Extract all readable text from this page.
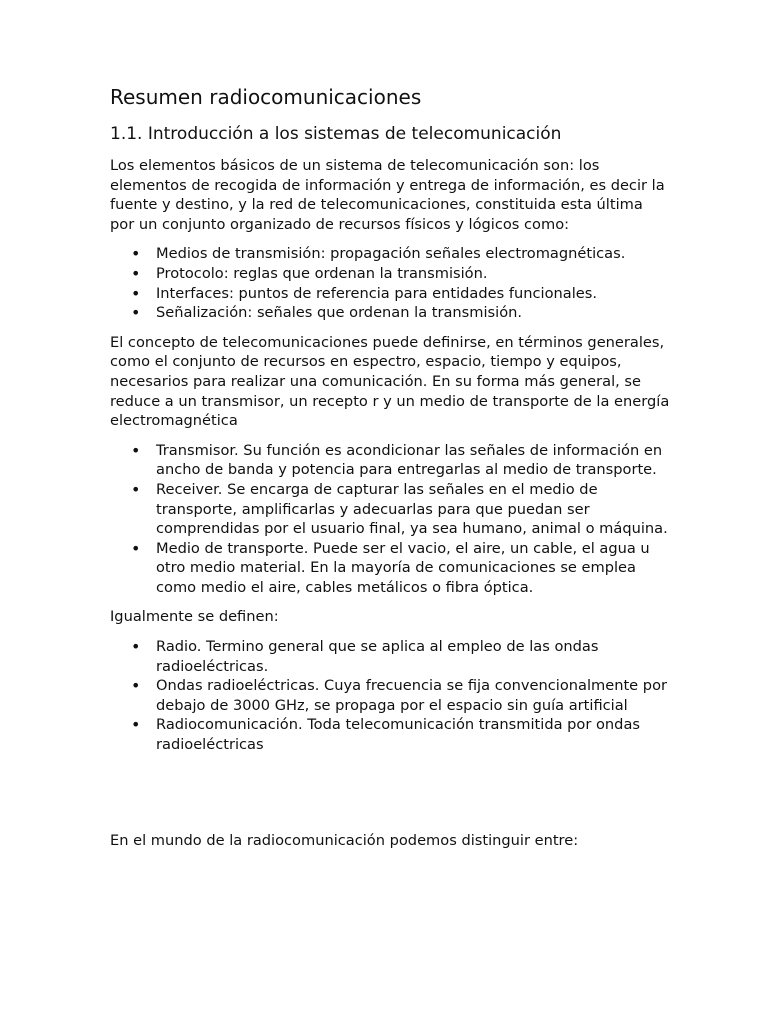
Resumen radiocomunicaciones
1.1. Introducción a los sistemas de telecomunicación

Los elementos básicos de un sistema de telecomunicación son: los elementos de recogida de información y entrega de información, es decir la fuente y destino, y la red de telecomunicaciones, constituida esta última por un conjunto organizado de recursos físicos y lógicos como:

• Medios de transmisión: propagación señales electromagnéticas.
• Protocolo: reglas que ordenan la transmisión.
• Interfaces: puntos de referencia para entidades funcionales.
• Señalización: señales que ordenan la transmisión.

El concepto de telecomunicaciones puede definirse, en términos generales, como el conjunto de recursos en espectro, espacio, tiempo y equipos, necesarios para realizar una comunicación. En su forma más general, se reduce a un transmisor, un recepto r y un medio de transporte de la energía electromagnética

• Transmisor. Su función es acondicionar las señales de información en ancho de banda y potencia para entregarlas al medio de transporte.
• Receiver. Se encarga de capturar las señales en el medio de transporte, amplificarlas y adecuarlas para que puedan ser comprendidas por el usuario final, ya sea humano, animal o máquina.
• Medio de transporte. Puede ser el vacio, el aire, un cable, el agua u otro medio material. En la mayoría de comunicaciones se emplea como medio el aire, cables metálicos o fibra óptica.

Igualmente se definen:

• Radio. Termino general que se aplica al empleo de las ondas radioeléctricas.
• Ondas radioeléctricas. Cuya frecuencia se fija convencionalmente por debajo de 3000 GHz, se propaga por el espacio sin guía artificial
• Radiocomunicación. Toda telecomunicación transmitida por ondas radioeléctricas

En el mundo de la radiocomunicación podemos distinguir entre:
